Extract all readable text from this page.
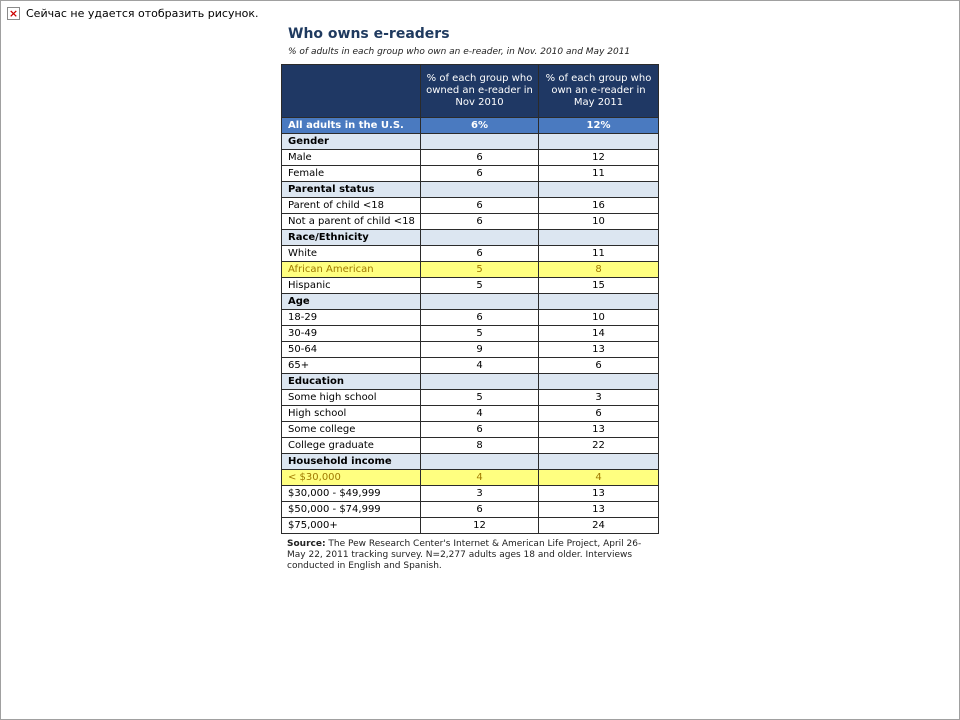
× Сейчас не удается отобразить рисунок.
Who owns e-readers
% of adults in each group who own an e-reader, in Nov. 2010 and May 2011
	% of each group who owned an e-reader in Nov 2010	% of each group who own an e-reader in May 2011
All adults in the U.S.	6%	12%
Gender		
Male	6	12
Female	6	11
Parental status		
Parent of child <18	6	16
Not a parent of child <18	6	10
Race/Ethnicity		
White	6	11
African American	5	8
Hispanic	5	15
Age		
18-29	6	10
30-49	5	14
50-64	9	13
65+	4	6
Education		
Some high school	5	3
High school	4	6
Some college	6	13
College graduate	8	22
Household income		
< $30,000	4	4
$30,000 - $49,999	3	13
$50,000 - $74,999	6	13
$75,000+	12	24
Source: The Pew Research Center's Internet & American Life Project, April 26-May 22, 2011 tracking survey. N=2,277 adults ages 18 and older. Interviews conducted in English and Spanish.
